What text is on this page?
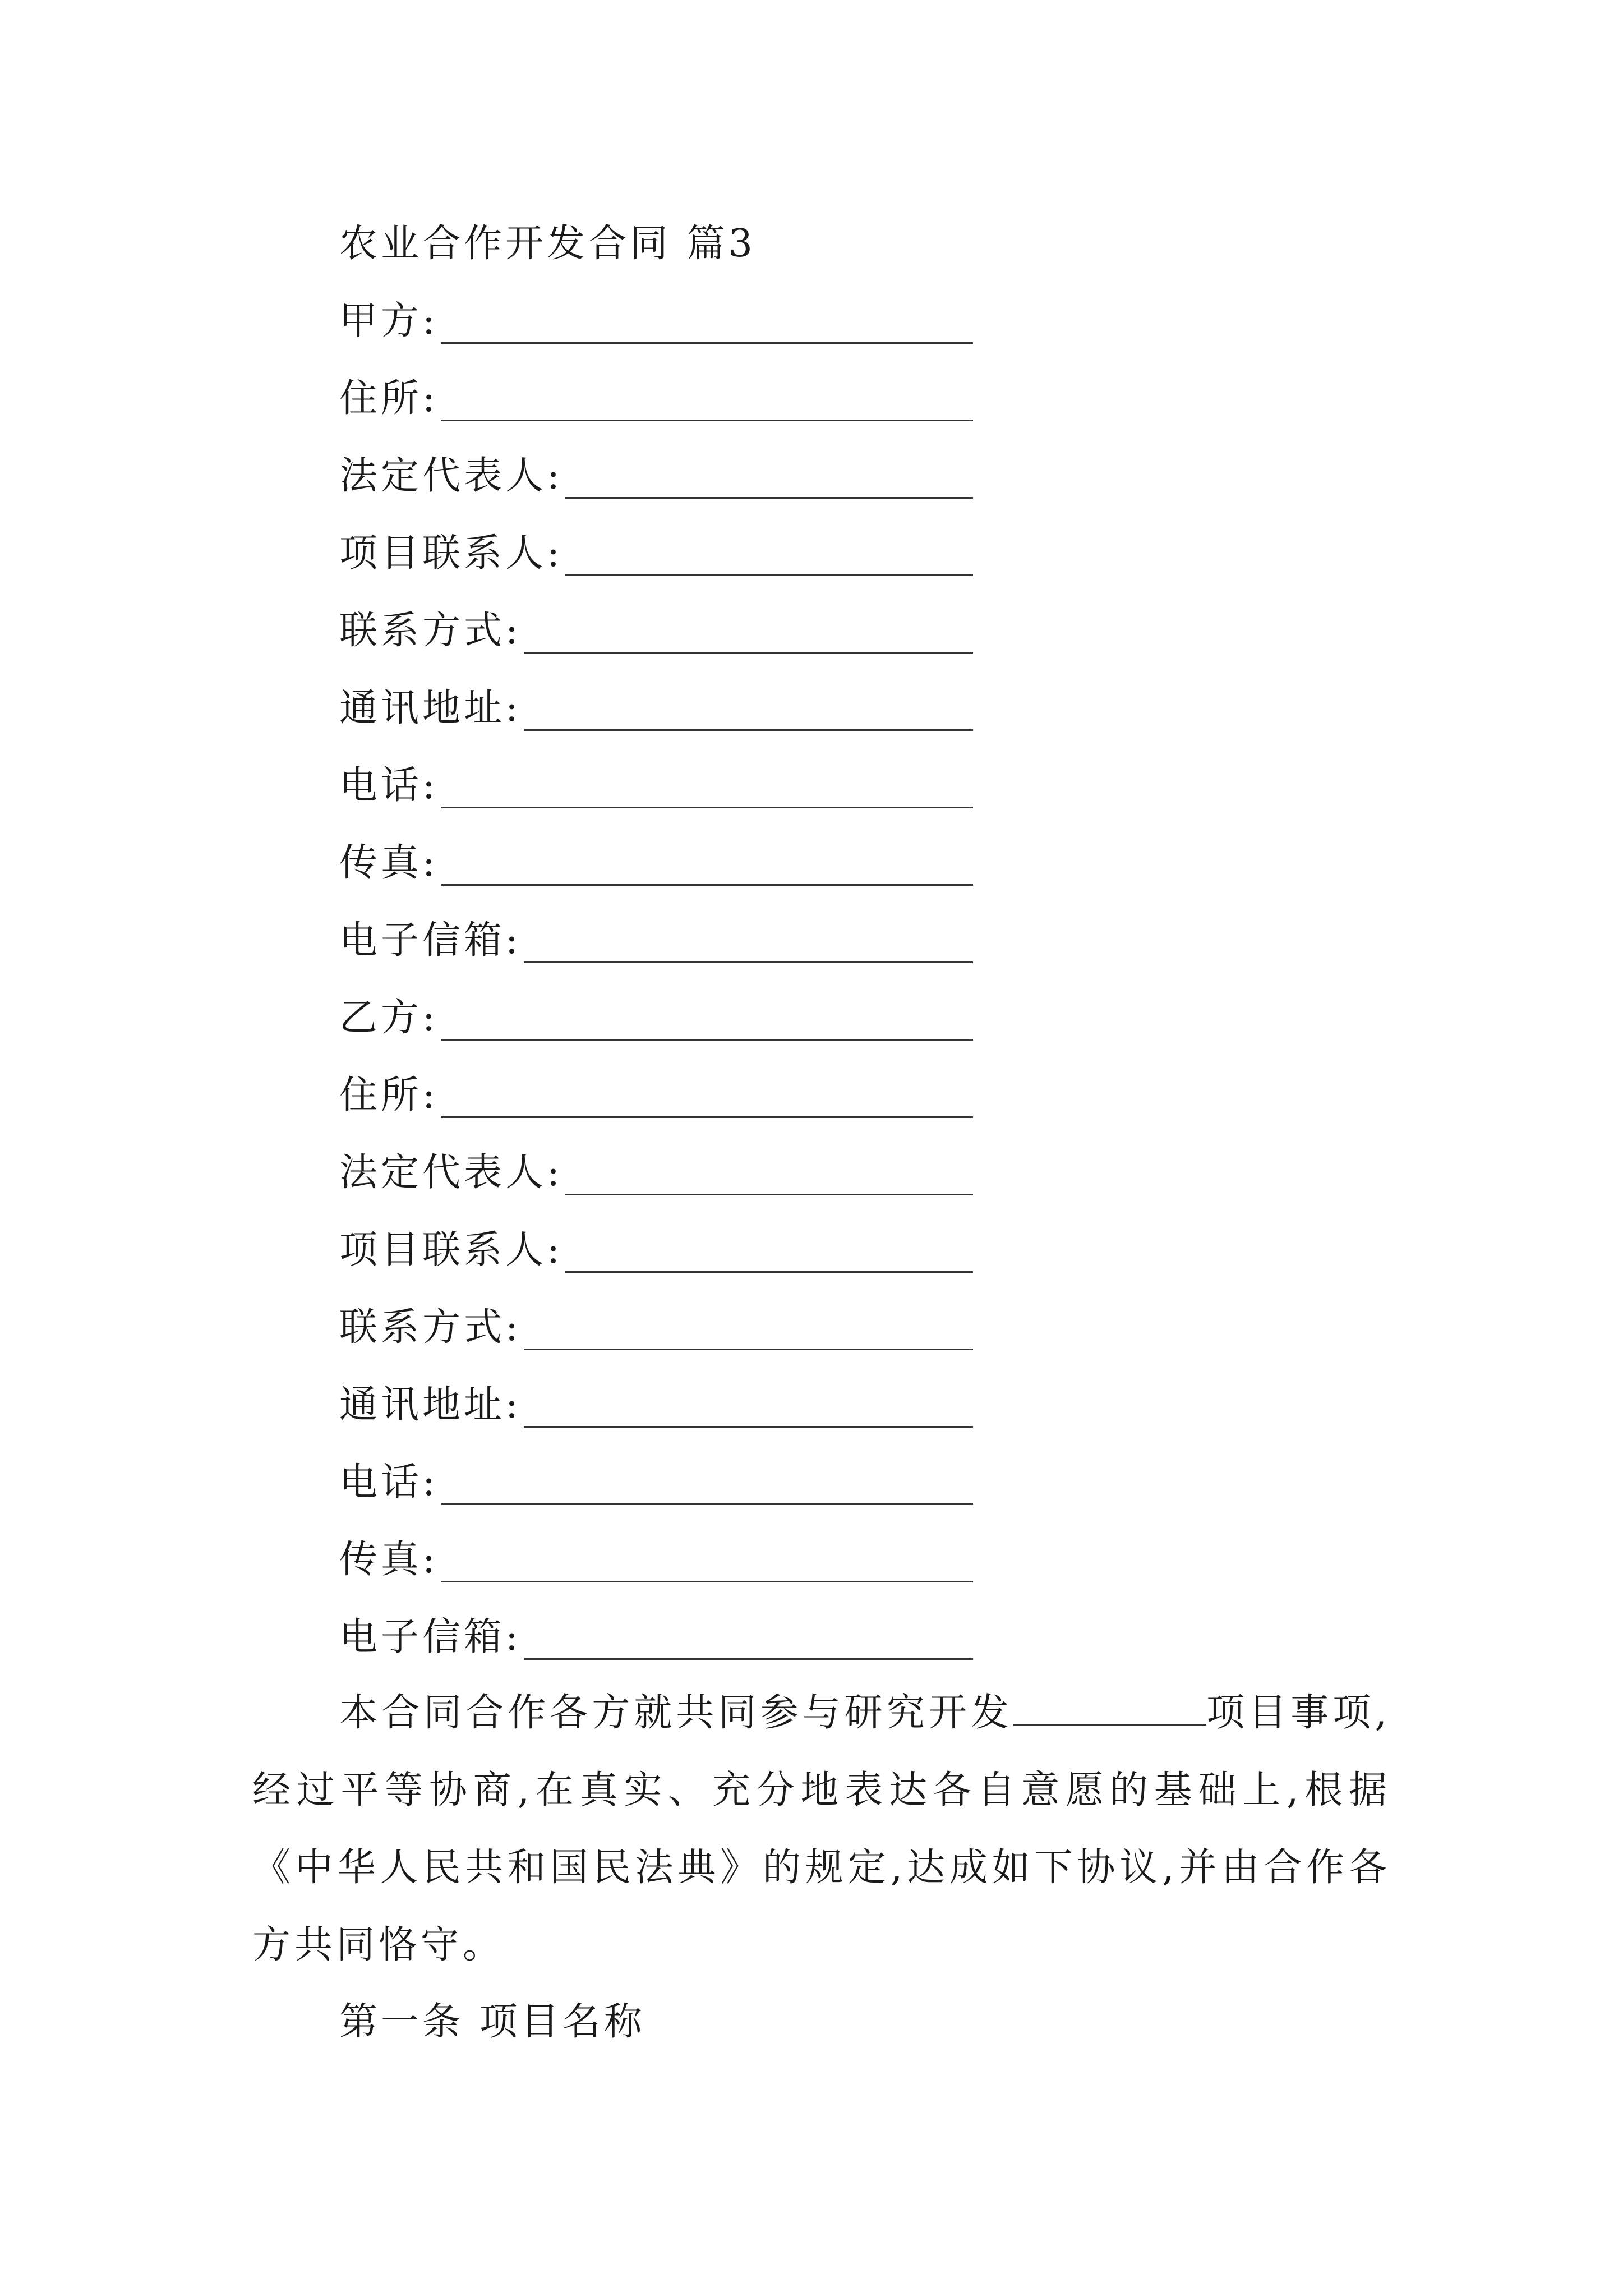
农业合作开发合同 篇3
甲方:
住所:
法定代表人:
项目联系人:
联系方式:
通讯地址:
电话:
传真:
电子信箱:
乙方:
住所:
法定代表人:
项目联系人:
联系方式:
通讯地址:
电话:
传真:
电子信箱:
本合同合作各方就共同参与研究开发	项目事项,经过平等协商,在真实、充分地表达各自意愿的基础上,根据《中华人民共和国民法典》的规定,达成如下协议,并由合作各方共同恪守。
第一条 项目名称
